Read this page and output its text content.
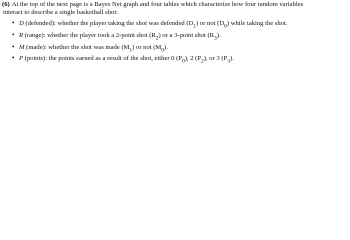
(6) At the top of the next page is a Bayes Net graph and four tables which characterize how four random variables
interact to describe a single basketball shot:
• D (defended): whether the player taking the shot was defended $(D_1)$ or not $(D_0)$ while taking the shot.
• R (range): whether the player took a 2-point shot $(R_2)$ or a 3-point shot $(R_3)$.
• M (made): whether the shot was made $(M_1)$ or not $(M_0)$.
• P (points): the points earned as a result of the shot, either 0 $(P_0)$, 2 $(P_2)$, or 3 $(P_3)$.
